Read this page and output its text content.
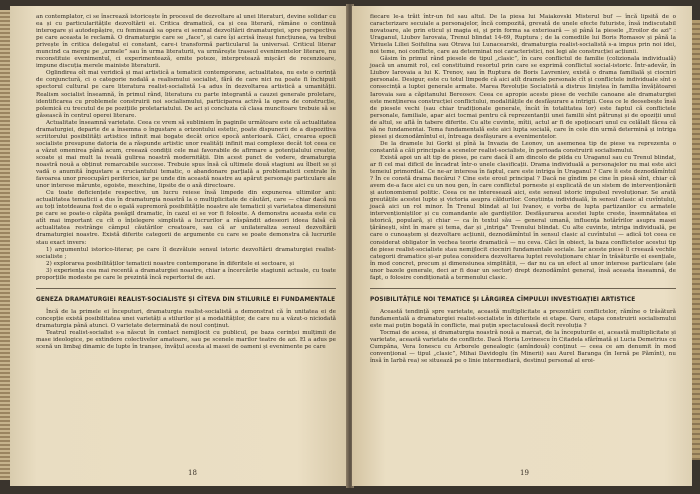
an contemplator, ci se înscrează istoricește în procesul de dezvoltare al unei literaturi, devine solidar cu ea și cu particularitățile dezvoltării ei. Critica dramatică, ca și cea literară, rămâne o continuă interogare și autodepășire, cu feminează sa opera ei semnal dezvoltării dramaturgiei, spre perspectiva pe care aceasta le reclamă. O dramaturgie care se „face”, și care își acrisă însuși funcțiunea, va trebui privește în critica delegatul ei constant, care-i transformă particularul la universal. Criticul literar muncind ca merge pe „urmele” sau în urma literaturii, va urmărește traseul evenimentelor literare, nu reconstituie evenimentul, ci experimentează, emite poteze, interpretează mișcări de recenzioare, impune discuția merele mainiste literaturii.

Oglindirea oît mai veridică și mai artistică a tematicii contemporane, actualitatea, nu este o cerință de conjunctură, ci o categorie nodală a realismului socialist, fără de care nici nu poate fi închipuit spectorul cultural pe care literatura realist-socialistă l-a adus în dezvoltarea artistică a umanității. Realism socialist înseamnă, în primul rând, literatura cu parte integrantă a cauzei generale proletare, identificarea cu problemele construirii noi socialismului, participarea activă la opera de construcție, polemică cu trecutul de pe pozițiile proletariatului. De aci și concluzia că clasa muncitoare trebuie să se găsească în centrul operei literare.

Actualitate înseamnă varietate. Ceea ce vrem să subliniem în paginile următoare este că actualitatea dramaturgiei, departe de a însemna o îngustare a orizontului estetic, poate dispunerii de a dispozitiva scriitorului posibilități artistice infinit mai bogate decât orice epocă anterioară. Căci, crearea epocii socialiste presupune datoria de a răspunde artistic unor realități infinit mai complexe decât tot ceea ce a văzut omenirea până acum, creează condiții cele mai favorabile de afirmare a potențialului creator, scoate și mai mult la iveală gulirea noastră modernității. Din acest punct de vedere, dramaturgia noastră nouă a obținut remarcabile succese. Trebuie spus însă că ultimele două stagiuni au îlbeit se și vadă o anumită îngustare a cruciantului tematic, o abandonare parțială a problematicii centrale în favoarea unor preocupări periferice, iar pe unde din această noastre au apărut personaje particulare ale unor interese mărunte, egoiste, meschine, lipsite de o axă directoare.

Cu toate deficiențele respective, un lucru reiese însă limpede din expunerea ultimilor ani: actualitatea tematicii a dus în dramaturgia noastră la o multiplicitate de căutări, care — chiar dacă nu au toți întotdeauna fost de o egală supremoră posibilitățile noastre ale tematicii și varietatea dimensiuni pe care se poate-o căpăta pseăgil dramatic, în cazul ei se vor fi folosite. A demonstra aceasta este cu atît mai important cu cît o înțelegere simplistă a lucrurilor a răspândit adeseori ideea falsă că actualitatea restrânge câmpul căutărilor creatoare, sau că ar unilateraliza sensul dezvoltării dramaturgiei noastre. Există diferite categorii de argumente cu care se poate demonstra că lucrurile stau exact invers:

1) argumentul istorico-literar, pe care îl dezvăluie sensul istoric dezvoltării dramaturgiei realist-socialiste ;

2) explorarea posibilităților tematicii noastre contemporane în diferitele ei sectoare, și

3) experiența cea mai recentă a dramaturgiei noastre, chiar a încercările stagiunii actuale, cu toate proporțiile modeste pe care le prezintă încă repertoriul de azi.

GENEZA DRAMATURGIEI REALIST-SOCIALISTE ȘI CÎTEVA DIN STILURILE EI FUNDAMENTALE

Încă de la primele ei începuturi, dramaturgia realist-socialistă a demonstrat că în unitatea ei de concepție există posibilitatea unei varietăți a stilurilor și a modalităților, de care nu a văzut-o niciodată dramaturgia până atunci. O varietate determinată de noul conținut.

Teatrul realist-socialist s-a născut în contact nemijlocit cu publicul, pe baza cerinței mulțimii de mase ideologice, pe extindere colectivelor amatoare, sau pe scenele marilor teatre de azi. El a adus pe scenă un limbaj dinamic de lupte în tranșee, învățul acesta al masei de oameni și evenimente pe care

18

fiecare le-a trăit într-un fel sau altul. De la piesa lui Maiakovski Misterul buf — încă lipsită de o caracterizare secuiale a personajelor, încă compozită, grevată de unele efecte futuriste, însă indiscutabil novatoare, ale prin eticul și magia ei, și prin forma sa exterioară — și până la piesele „Eroilor de azi” : Uraganul, Liubov Iarovaia, Trenul blindat 14-69, Ruptura ; de la comediile lui Boris Romasov și până la Viriuela Liliei Soifulina sau Otrava lui Lunacearski, dramaturgia realist-socialistă s-a impus prin noi idei, noi teme, noi conflicte, care au determinat noi caracteristici, noi legi ale construcției acțiunii.

Găsim în primul rând piesele de tipul „clasic”, în care conflictul de familie (colizionala individuală) joacă un anumit rol, cel constituind resortul prin care se exprimă conflictul social-istoric. Într-adevăr, în Liubov Iarovaia a lui K. Trenov, sau în Ruptura de Boris Lavreniev, există o drama familială și ciocniri personale. Desigur, este cu totul limpede că aici atît dramele personale cît și conflictele individuale sînt o consecință a luptei generale armate. Marea Revoluție Socialistă a distrus liniștea în familia învățătoarei Iarovaia sau a căpitanului Bereosov. Ceea ce apropie aceste piese de vechile canoane ale dramaturgiei este menținerea construcției conflictului, modalitățile de desfășurare a intrigii. Ceea ce le deosebește însă de piesele vechi (sau chiar tradiționale generale, încât în totalitatea lor) este faptul că conflictele personale, familiale, apar aici tocmai pentru că reprezentanții unei familii sînt pătrunși și de opoziții unul de altul, se află în tabere diferite. Cu alte cuvinte, mîtii, actul ar fi de spoțiocari unul cu celălalt făcea că să ne fundamentai. Tema fundamentală este aici lupta socială, care în cele din urmă determină și intriga piesei și deznodămîntul ei, întreaga desfășurare a evenimentelor.

De la dramele lui Gorki și pînă la Invazia de Leonov, un asemenea tip de piese va reprezenta o constantă a căii principale a scenelor realist-socialiste, în perioada construirii socialismului.

Există apoi un alt tip de piese, pe care dacă îl am dincolo de pilda cu Uraganul sau cu Trenul blindat, ar fi cel mai dificil de încadrat într-o unele clasificații. Drama individuală a personajelor nu mai este aici temeiul primordial. Ce ne-ar interesa în faptul, care este intriga în Uraganul ? Care îi este deznodămîntul ? În ce constă drama fiecărui ? Cine este eroul principal ? Dacă ne gîndim pe cine în piesă sînt, chiar că avem de-a face aici cu un nou gen, în care conflictul porneste și explicată de un sistem de intervenționării și autonomismul politic. Ceea ce ne interesează aici, este sensul istoric impulsul revoluționar. Se arată greutățile acestei lupte și victoria asupra căldurilor. Conștiința individuală, în sensul clasic al cuvîntului, joacă aici un rol minor. În Trenul blindat al lui Ivanov, e vorba de lupta partizanilor cu armatele intervenționiștilor și cu comandante ale gardiștilor. Desfășurarea acestei lupte creste, însemnătatea ei istorică, populară, și chiar — ca în textul său — general umană, influența hotărîrilor asupra masei țărănești, sînt în mare și tema, dar și „intriga” Trenului blindat. Cu alte cuvinte, intriga individuală, pe care o cunoaștem și dezvoltare acțiunii, deznodămîntul în sensul clasic al cuvîntului — adică tot ceea ce considerat obligator în vechea teorie dramatică — nu ceva. Căci în obiect, la baza conflictelor acestui tip de piese realist-socialiste stau nemijlocit ciocniri fundamentale sociale. Iar aceste piese îl creează vechile categorii dramatice și-ar putea considera dezvoltarea luptei revoluționare chiar în trăsăturile ei esențiale, în mod concret, precum și dimensiunea simplității, — dar nu ca un efect al unor interese particulare (ale unor bazele generale, deci ar fi doar un sector) drept deznodămînt general, însă aceasta înseamnă, de fapt, o folosire condiționată a termenului clasic.

POSIBILITĂȚILE NOI TEMATICE ȘI LĂRGIREA CÎMPULUI INVESTIGAȚIEI ARTISTICE

Această tendință spre varietate, această multiplicitate a prezentării conflictelor, rămîne o trăsătură fundamentală a dramaturgiei realist-socialiste în diferitele ei etape. Oare, etapa construirii socialismului este mai puțin bogată în conflicte, mai puțin spectaculoasă decît revoluția ?

Tocmai de aceea, și dramaturgia noastră nouă a marcat, de la începuturile ei, această multiplicitate și varietate, această varietate de conflicte. Dacă Horia Lovinescu în Citadela sfărîmată și Lucia Demetrius cu Cumpăna, Vera Ionescu cu Arborele genealogic (amîndouă) conținut — ceea ce am denumit în mod convențional — tipul „clasic”, Mihai Davidoglu (în Minerii) sau Aurel Baranga (în Iernă pe Pămînt), nu însă în Iarbă rea) se situează pe o linie intermediară, destinul personal al eroi-

19
